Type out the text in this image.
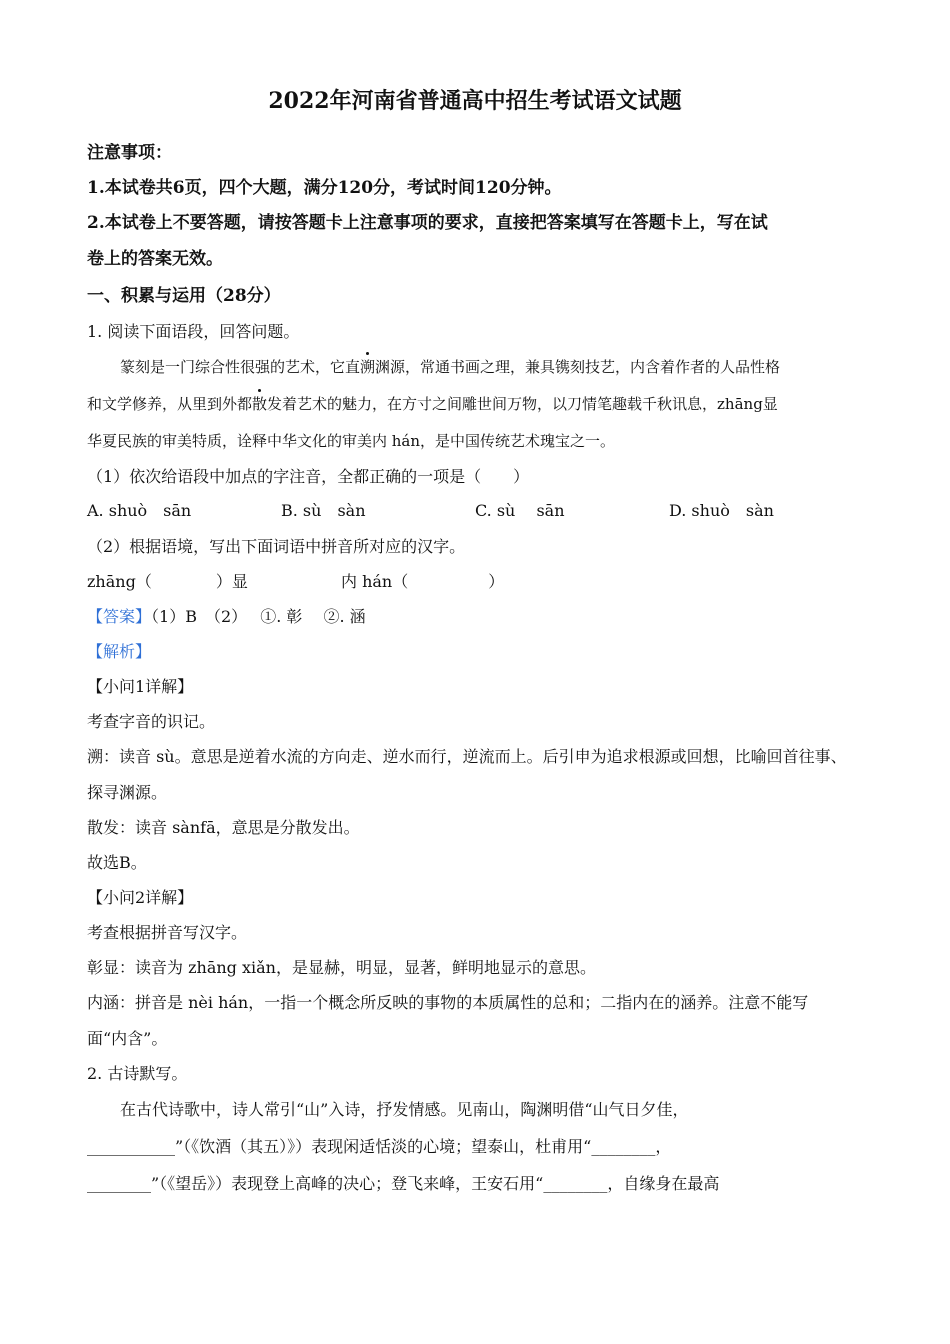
2022年河南省普通高中招生考试语文试题
注意事项：
1.本试卷共6页，四个大题，满分120分，考试时间120分钟。
2.本试卷上不要答题，请按答题卡上注意事项的要求，直接把答案填写在答题卡上，写在试
卷上的答案无效。
一、积累与运用（28分）
1. 阅读下面语段，回答问题。
篆刻是一门综合性很强的艺术，它直溯渊源，常通书画之理，兼具镌刻技艺，内含着作者的人品性格
和文学修养，从里到外都散发着艺术的魅力，在方寸之间雕世间万物，以刀情笔趣载千秋讯息，zhāng显
华夏民族的审美特质，诠释中华文化的审美内 hán，是中国传统艺术瑰宝之一。
（1）依次给语段中加点的字注音，全都正确的一项是（　　）
A. shuò　sān	B. sù　sàn	C. sù　 sān	D. shuò　sàn
（2）根据语境，写出下面词语中拼音所对应的汉字。
zhāng（　　　　）显	内 hán（　　　　　）
【答案】（1）B　（2）　 ①. 彰　 ②. 涵
【解析】
【小问1详解】
考查字音的识记。
溯：读音 sù。意思是逆着水流的方向走、逆水而行，逆流而上。后引申为追求根源或回想，比喻回首往事、
探寻渊源。
散发：读音 sànfā，意思是分散发出。
故选B。
【小问2详解】
考查根据拼音写汉字。
彰显：读音为 zhāng xiǎn，是显赫，明显，显著，鲜明地显示的意思。
内涵：拼音是 nèi hán，一指一个概念所反映的事物的本质属性的总和；二指内在的涵养。注意不能写
面“内含”。
2. 古诗默写。
在古代诗歌中，诗人常引“山”入诗，抒发情感。见南山，陶渊明借“山气日夕佳，
___________”（《饮酒（其五）》）表现闲适恬淡的心境；望泰山，杜甫用“________，
________”（《望岳》）表现登上高峰的决心；登飞来峰，王安石用“________，自缘身在最高
